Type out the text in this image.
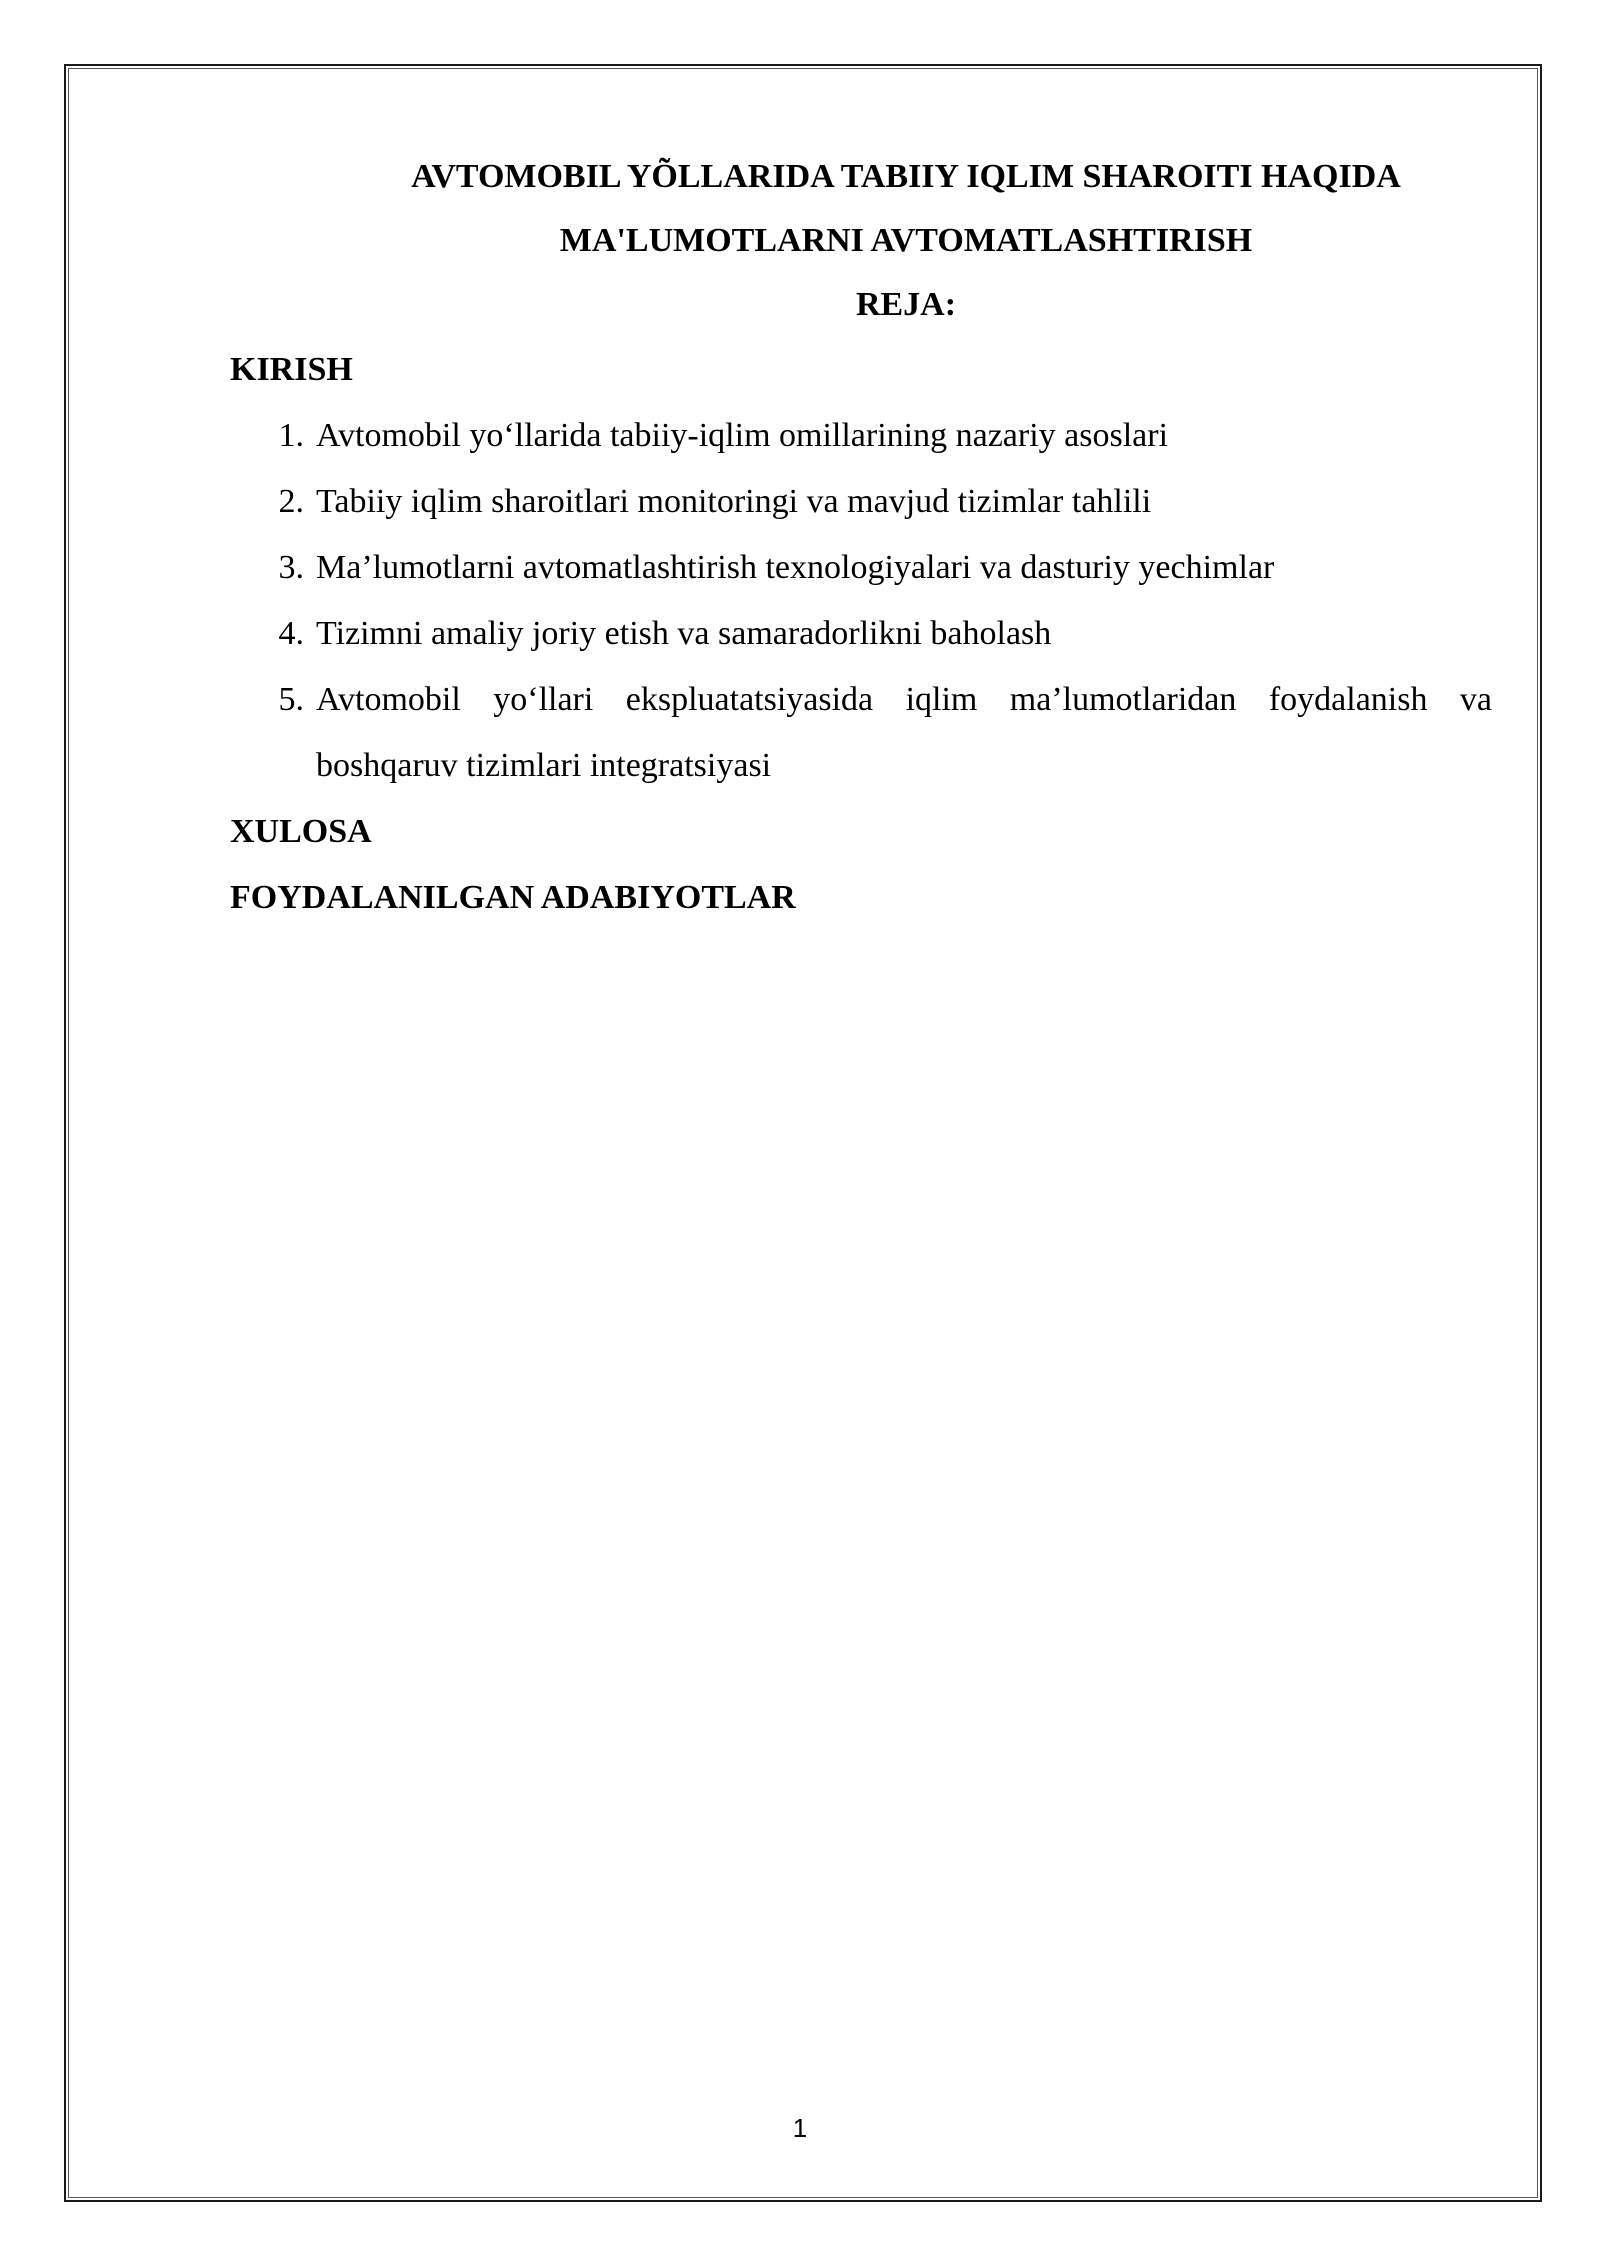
AVTOMOBIL YÕLLARIDA TABIIY IQLIM SHAROITI HAQIDA

MA'LUMOTLARNI AVTOMATLASHTIRISH

REJA:

KIRISH

1. Avtomobil yo‘llarida tabiiy-iqlim omillarining nazariy asoslari
2. Tabiiy iqlim sharoitlari monitoringi va mavjud tizimlar tahlili
3. Ma’lumotlarni avtomatlashtirish texnologiyalari va dasturiy yechimlar
4. Tizimni amaliy joriy etish va samaradorlikni baholash
5. Avtomobil yo‘llari ekspluatatsiyasida iqlim ma’lumotlaridan foydalanish va boshqaruv tizimlari integratsiyasi

XULOSA

FOYDALANILGAN ADABIYOTLAR

1
